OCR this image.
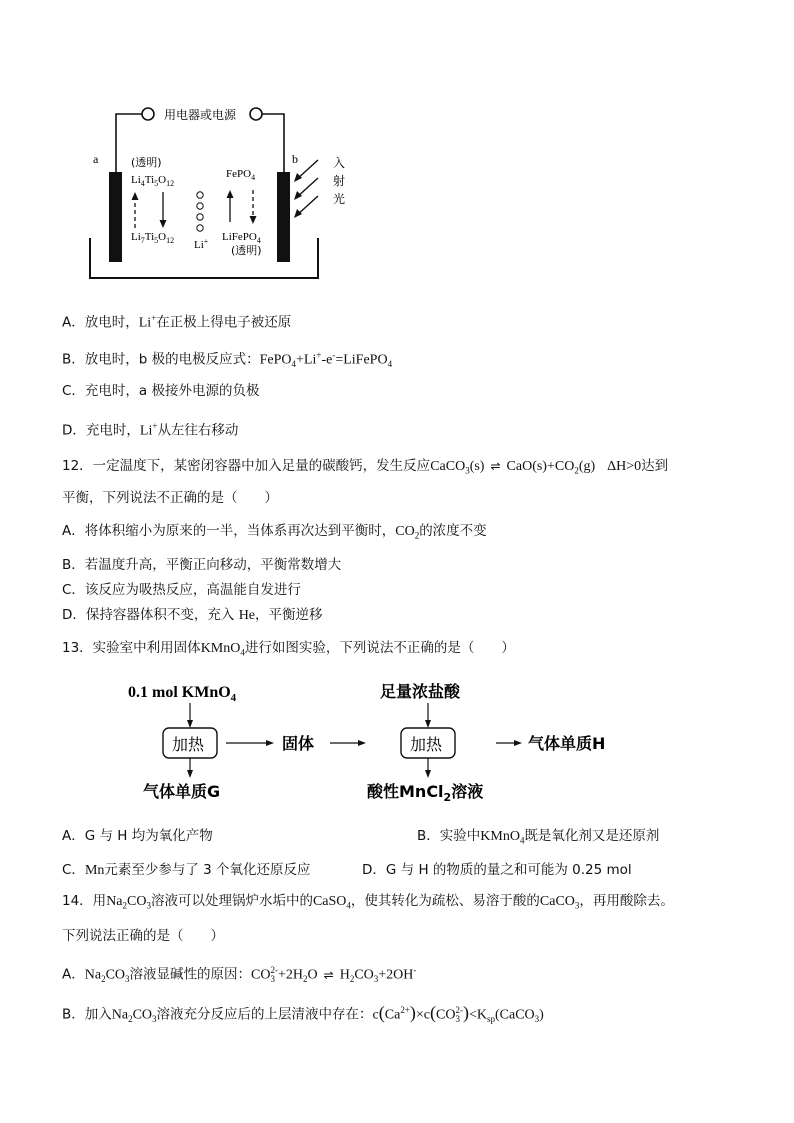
用电器或电源
a	b
(透明)
$Li_4Ti_5O_{12}$
$Li_7Ti_5O_{12}$ Li+
FePO$_4$
LiFePO$_4$
(透明)
入
射
光
A．放电时，Li+在正极上得电子被还原
B．放电时，b 极的电极反应式：FePO$_4$+Li+-e-=LiFePO$_4$
C．充电时，a 极接外电源的负极
D．充电时，Li+从左往右移动
12．一定温度下，某密闭容器中加入足量的碳酸钙，发生反应CaCO$_3$(s) ⇌ $CaO(s)+CO_2(g)$ ΔH>0达到
平衡，下列说法不正确的是（　　）
A．将体积缩小为原来的一半，当体系再次达到平衡时，$CO_2$的浓度不变
B．若温度升高，平衡正向移动，平衡常数增大
C．该反应为吸热反应，高温能自发进行
D．保持容器体积不变，充入 He，平衡逆移
13．实验室中利用固体KMnO$_4$进行如图实验，下列说法不正确的是（　　）
0.1 mol KMnO$_4$
加热
气体单质G
固体
足量浓盐酸
加热
酸性MnCl$_2$溶液
气体单质H
A．G 与 H 均为氧化产物	B．实验中KMnO$_4$既是氧化剂又是还原剂
C．Mn元素至少参与了 3 个氧化还原反应	D．G 与 H 的物质的量之和可能为 0.25 mol
14．用$Na_2CO_3$溶液可以处理锅炉水垢中的CaSO$_4$，使其转化为疏松、易溶于酸的CaCO$_3$，再用酸除去。
下列说法正确的是（　　）
A．$Na_2CO_3$溶液显碱性的原因：CO 2-
$3 +2H_2O$ ⇌ $H_2CO_3+2OH^-$
B．加入$Na_2CO_3$溶液充分反应后的上层清液中存在：$c(Ca^{2+})\times c(CO$ 2-
3 )$<K_{sp}(CaCO_3)$
